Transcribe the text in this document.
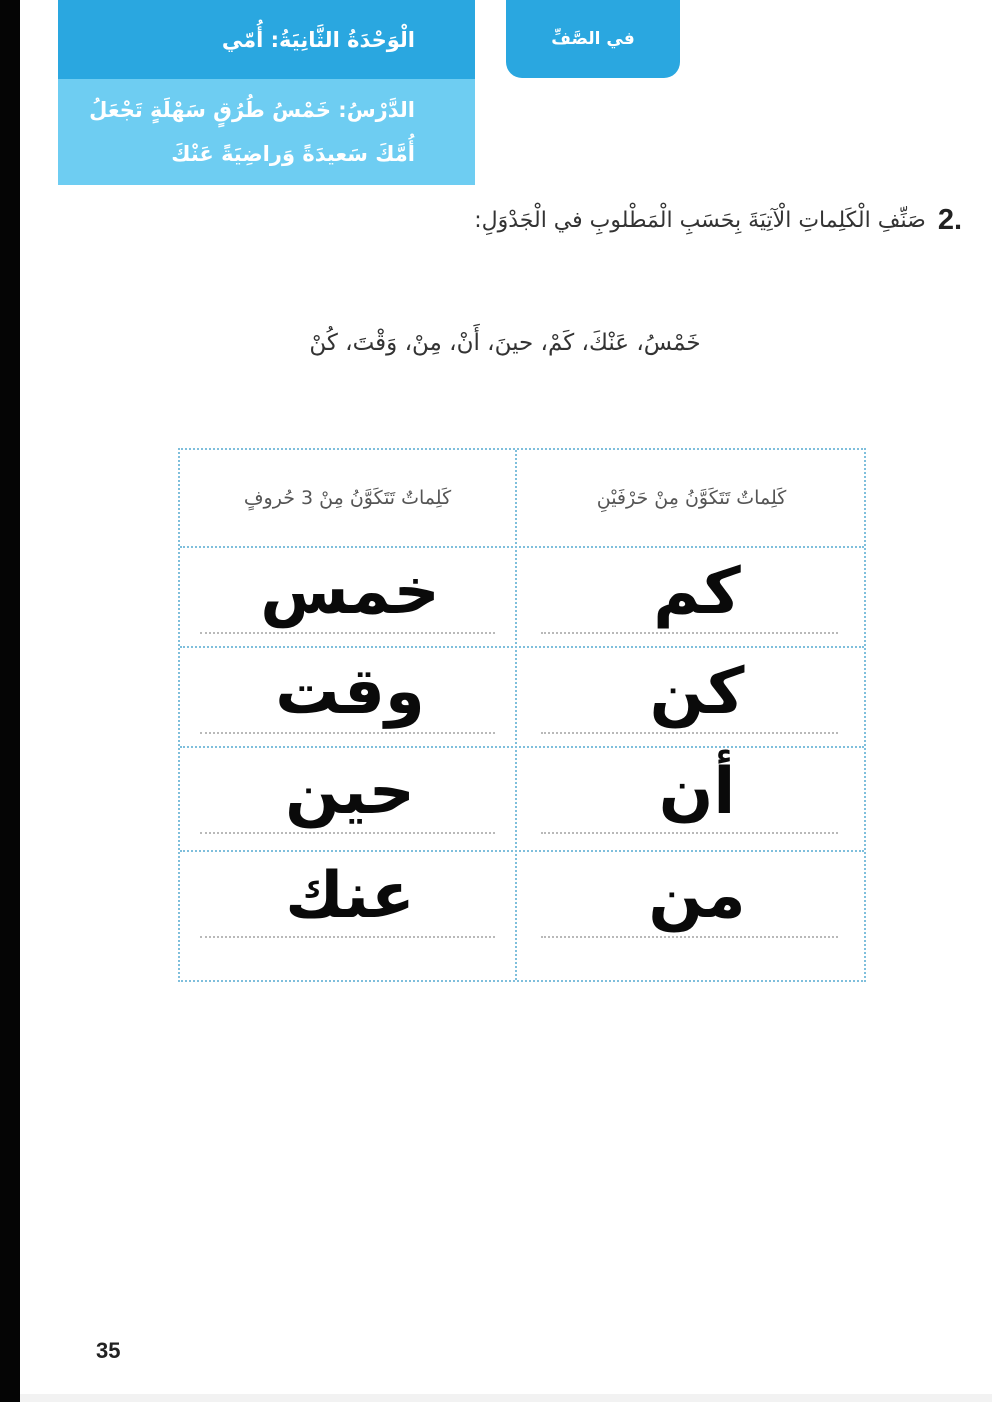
الْوَحْدَةُ الثَّانِيَةُ: أُمّي
الدَّرْسُ: خَمْسُ طُرُقٍ سَهْلَةٍ تَجْعَلُ أُمَّكَ سَعيدَةً وَراضِيَةً عَنْكَ
في الصَّفِّ
2.
صَنِّفِ الْكَلِماتِ الْآتِيَةَ بِحَسَبِ الْمَطْلوبِ في الْجَدْوَلِ:
خَمْسُ، عَنْكَ، كَمْ، حينَ، أَنْ، مِنْ، وَقْتَ، كُنْ
كَلِماتٌ تَتَكَوَّنُ مِنْ حَرْفَيْنِ
كَلِماتٌ تَتَكَوَّنُ مِنْ 3 حُروفٍ
كم
خمس
كن
وقت
أن
حين
من
عنك
35
